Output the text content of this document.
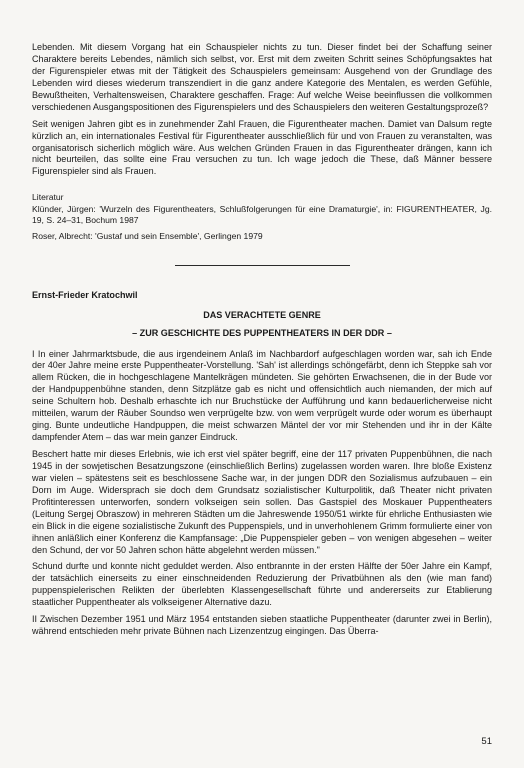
Lebenden. Mit diesem Vorgang hat ein Schauspieler nichts zu tun. Dieser findet bei der Schaffung seiner Charaktere bereits Lebendes, nämlich sich selbst, vor. Erst mit dem zweiten Schritt seines Schöpfungsaktes hat der Figurenspieler etwas mit der Tätigkeit des Schauspielers gemeinsam: Ausgehend von der Grundlage des Lebenden wird dieses wiederum transzendiert in die ganz andere Kategorie des Mentalen, es werden Gefühle, Bewußtheiten, Verhaltensweisen, Charaktere geschaffen. Frage: Auf welche Weise beeinflussen die vollkommen verschiedenen Ausgangspositionen des Figurenspielers und des Schauspielers den weiteren Gestaltungsprozeß?

Seit wenigen Jahren gibt es in zunehmender Zahl Frauen, die Figurentheater machen. Damiet van Dalsum regte kürzlich an, ein internationales Festival für Figurentheater ausschließlich für und von Frauen zu veranstalten, was organisatorisch sicherlich möglich wäre. Aus welchen Gründen Frauen in das Figurentheater drängen, kann ich nicht beurteilen, das sollte eine Frau versuchen zu tun. Ich wage jedoch die These, daß Männer bessere Figurenspieler sind als Frauen.

Literatur

Klünder, Jürgen: 'Wurzeln des Figurentheaters, Schlußfolgerungen für eine Dramaturgie', in: FIGURENTHEATER, Jg. 19, S. 24–31, Bochum 1987

Roser, Albrecht: 'Gustaf und sein Ensemble', Gerlingen 1979

Ernst-Frieder Kratochwil
DAS VERACHTETE GENRE
– ZUR GESCHICHTE DES PUPPENTHEATERS IN DER DDR –

I In einer Jahrmarktsbude, die aus irgendeinem Anlaß im Nachbardorf aufgeschlagen worden war, sah ich Ende der 40er Jahre meine erste Puppentheater-Vorstellung. 'Sah' ist allerdings schöngefärbt, denn ich Steppke sah vor allem Rücken, die in hochgeschlagene Mantelkrägen mündeten. Sie gehörten Erwachsenen, die in der Bude vor der Handpuppenbühne standen, denn Sitzplätze gab es nicht und offensichtlich auch niemanden, der mich auf seine Schultern hob. Deshalb erhaschte ich nur Bruchstücke der Aufführung und kann bedauerlicherweise nicht mitteilen, warum der Räuber Soundso wen verprügelte bzw. von wem verprügelt wurde oder worum es überhaupt ging. Bunte undeutliche Handpuppen, die meist schwarzen Mäntel der vor mir Stehenden und ihr in der Kälte dampfender Atem – das war mein ganzer Eindruck.

Beschert hatte mir dieses Erlebnis, wie ich erst viel später begriff, eine der 117 privaten Puppenbühnen, die nach 1945 in der sowjetischen Besatzungszone (einschließlich Berlins) zugelassen worden waren. Ihre bloße Existenz war vielen – spätestens seit es beschlossene Sache war, in der jungen DDR den Sozialismus aufzubauen – ein Dorn im Auge. Widersprach sie doch dem Grundsatz sozialistischer Kulturpolitik, daß Theater nicht privaten Profitinteressen unterworfen, sondern volkseigen sein sollen. Das Gastspiel des Moskauer Puppentheaters (Leitung Sergej Obraszow) in mehreren Städten um die Jahreswende 1950/51 wirkte für ehrliche Enthusiasten wie ein Blick in die eigene sozialistische Zukunft des Puppenspiels, und in unverhohlenem Grimm formulierte einer von ihnen anläßlich einer Konferenz die Kampfansage: „Die Puppenspieler geben – von wenigen abgesehen – weiter den Schund, der vor 50 Jahren schon hätte abgelehnt werden müssen."

Schund durfte und konnte nicht geduldet werden. Also entbrannte in der ersten Hälfte der 50er Jahre ein Kampf, der tatsächlich einerseits zu einer einschneidenden Reduzierung der Privatbühnen als den (wie man fand) puppenspielerischen Relikten der überlebten Klassengesellschaft führte und andererseits zur Etablierung staatlicher Puppentheater als volkseigener Alternative dazu.

II Zwischen Dezember 1951 und März 1954 entstanden sieben staatliche Puppentheater (darunter zwei in Berlin), während entschieden mehr private Bühnen nach Lizenzentzug eingingen. Das Überra-

51
